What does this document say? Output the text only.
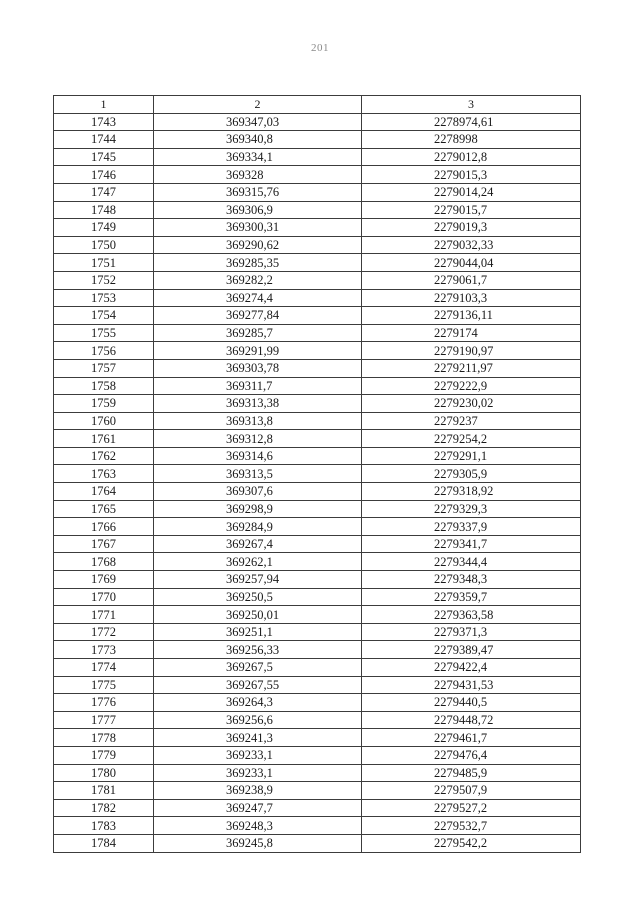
201
1	2	3
1743	369347,03	2278974,61
1744	369340,8	2278998
1745	369334,1	2279012,8
1746	369328	2279015,3
1747	369315,76	2279014,24
1748	369306,9	2279015,7
1749	369300,31	2279019,3
1750	369290,62	2279032,33
1751	369285,35	2279044,04
1752	369282,2	2279061,7
1753	369274,4	2279103,3
1754	369277,84	2279136,11
1755	369285,7	2279174
1756	369291,99	2279190,97
1757	369303,78	2279211,97
1758	369311,7	2279222,9
1759	369313,38	2279230,02
1760	369313,8	2279237
1761	369312,8	2279254,2
1762	369314,6	2279291,1
1763	369313,5	2279305,9
1764	369307,6	2279318,92
1765	369298,9	2279329,3
1766	369284,9	2279337,9
1767	369267,4	2279341,7
1768	369262,1	2279344,4
1769	369257,94	2279348,3
1770	369250,5	2279359,7
1771	369250,01	2279363,58
1772	369251,1	2279371,3
1773	369256,33	2279389,47
1774	369267,5	2279422,4
1775	369267,55	2279431,53
1776	369264,3	2279440,5
1777	369256,6	2279448,72
1778	369241,3	2279461,7
1779	369233,1	2279476,4
1780	369233,1	2279485,9
1781	369238,9	2279507,9
1782	369247,7	2279527,2
1783	369248,3	2279532,7
1784	369245,8	2279542,2
